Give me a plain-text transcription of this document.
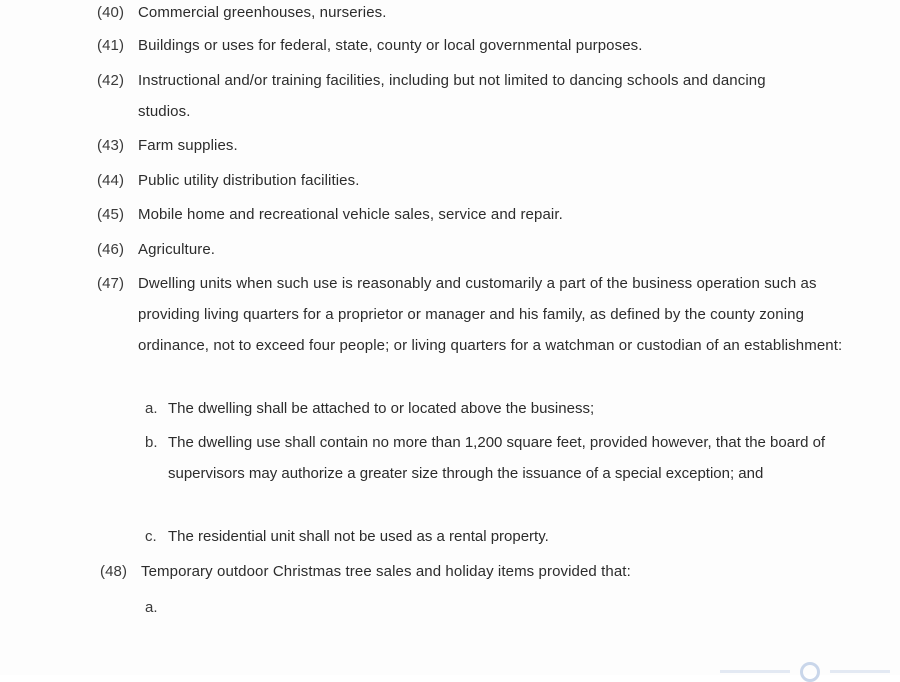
(40) Commercial greenhouses, nurseries.
(41) Buildings or uses for federal, state, county or local governmental purposes.
(42) Instructional and/or training facilities, including but not limited to dancing schools and dancing studios.
(43) Farm supplies.
(44) Public utility distribution facilities.
(45) Mobile home and recreational vehicle sales, service and repair.
(46) Agriculture.
(47) Dwelling units when such use is reasonably and customarily a part of the business operation such as providing living quarters for a proprietor or manager and his family, as defined by the county zoning ordinance, not to exceed four people; or living quarters for a watchman or custodian of an establishment:
a. The dwelling shall be attached to or located above the business;
b. The dwelling use shall contain no more than 1,200 square feet, provided however, that the board of supervisors may authorize a greater size through the issuance of a special exception; and
c. The residential unit shall not be used as a rental property.
(48) Temporary outdoor Christmas tree sales and holiday items provided that:
a.
